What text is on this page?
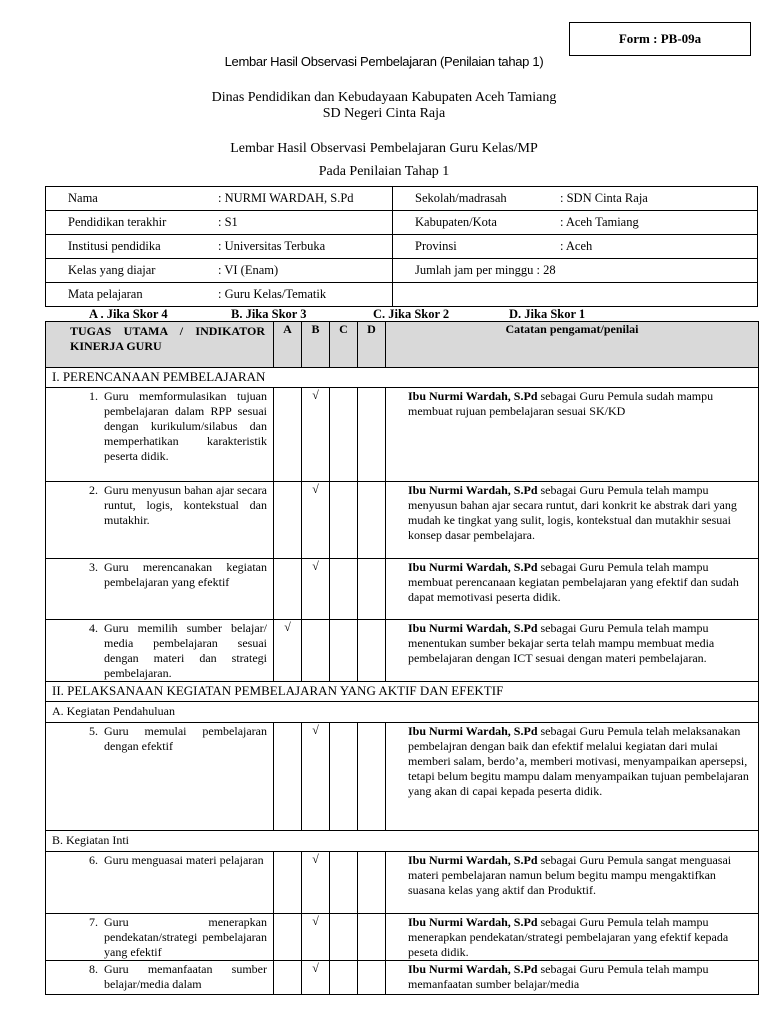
Form : PB-09a
Lembar Hasil Observasi Pembelajaran (Penilaian tahap 1)
Dinas Pendidikan dan Kebudayaan Kabupaten Aceh Tamiang
SD Negeri Cinta Raja
Lembar Hasil Observasi Pembelajaran Guru Kelas/MP
Pada Penilaian Tahap 1
Nama : NURMI WARDAH, S.Pd	Sekolah/madrasah : SDN Cinta Raja
Pendidikan terakhir : S1	Kabupaten/Kota : Aceh Tamiang
Institusi pendidika : Universitas Terbuka	Provinsi : Aceh
Kelas yang diajar : VI (Enam)	Jumlah jam per minggu : 28
Mata pelajaran : Guru Kelas/Tematik	
A . Jika Skor 4	B. Jika Skor 3	C. Jika Skor 2	D. Jika Skor 1
TUGAS UTAMA / INDIKATOR KINERJA GURU	A	B	C	D	Catatan pengamat/penilai
I. PERENCANAAN PEMBELAJARAN					

1. Guru memformulasikan tujuan pembelajaran dalam RPP sesuai dengan kurikulum/silabus dan memperhatikan karakteristik peserta didik.		√			Ibu Nurmi Wardah, S.Pd sebagai Guru Pemula sudah mampu membuat rujuan pembelajaran sesuai SK/KD

2. Guru menyusun bahan ajar secara runtut, logis, kontekstual dan mutakhir.		√			Ibu Nurmi Wardah, S.Pd sebagai Guru Pemula telah mampu menyusun bahan ajar secara runtut, dari konkrit ke abstrak dari yang mudah ke tingkat yang sulit, logis, kontekstual dan mutakhir sesuai konsep dasar pembelajara.

3. Guru merencanakan kegiatan pembelajaran yang efektif		√			Ibu Nurmi Wardah, S.Pd sebagai Guru Pemula telah mampu membuat perencanaan kegiatan pembelajaran yang efektif dan sudah dapat memotivasi peserta didik.

4. Guru memilih sumber belajar/ media pembelajaran sesuai dengan materi dan strategi pembelajaran.	√				Ibu Nurmi Wardah, S.Pd sebagai Guru Pemula telah mampu menentukan sumber bekajar serta telah mampu membuat media pembelajaran dengan ICT sesuai dengan materi pembelajaran.
II. PELAKSANAAN KEGIATAN PEMBELAJARAN YANG AKTIF DAN EFEKTIF					
A. Kegiatan Pendahuluan					

5. Guru memulai pembelajaran dengan efektif		√			Ibu Nurmi Wardah, S.Pd sebagai Guru Pemula telah melaksanakan pembelajran dengan baik dan efektif melalui kegiatan dari mulai memberi salam, berdo’a, memberi motivasi, menyampaikan apersepsi, tetapi belum begitu mampu dalam menyampaikan tujuan pembelajaran yang akan di capai kepada peserta didik.
B. Kegiatan Inti					

6. Guru menguasai materi pelajaran		√			Ibu Nurmi Wardah, S.Pd sebagai Guru Pemula sangat menguasai materi pembelajaran namun belum begitu mampu mengaktifkan suasana kelas yang aktif dan Produktif.

7. Guru menerapkan pendekatan/strategi pembelajaran yang efektif		√			Ibu Nurmi Wardah, S.Pd sebagai Guru Pemula telah mampu menerapkan pendekatan/strategi pembelajaran yang efektif kepada peseta didik.

8. Guru memanfaatan sumber belajar/media dalam		√			Ibu Nurmi Wardah, S.Pd sebagai Guru Pemula telah mampu memanfaatan sumber belajar/media
